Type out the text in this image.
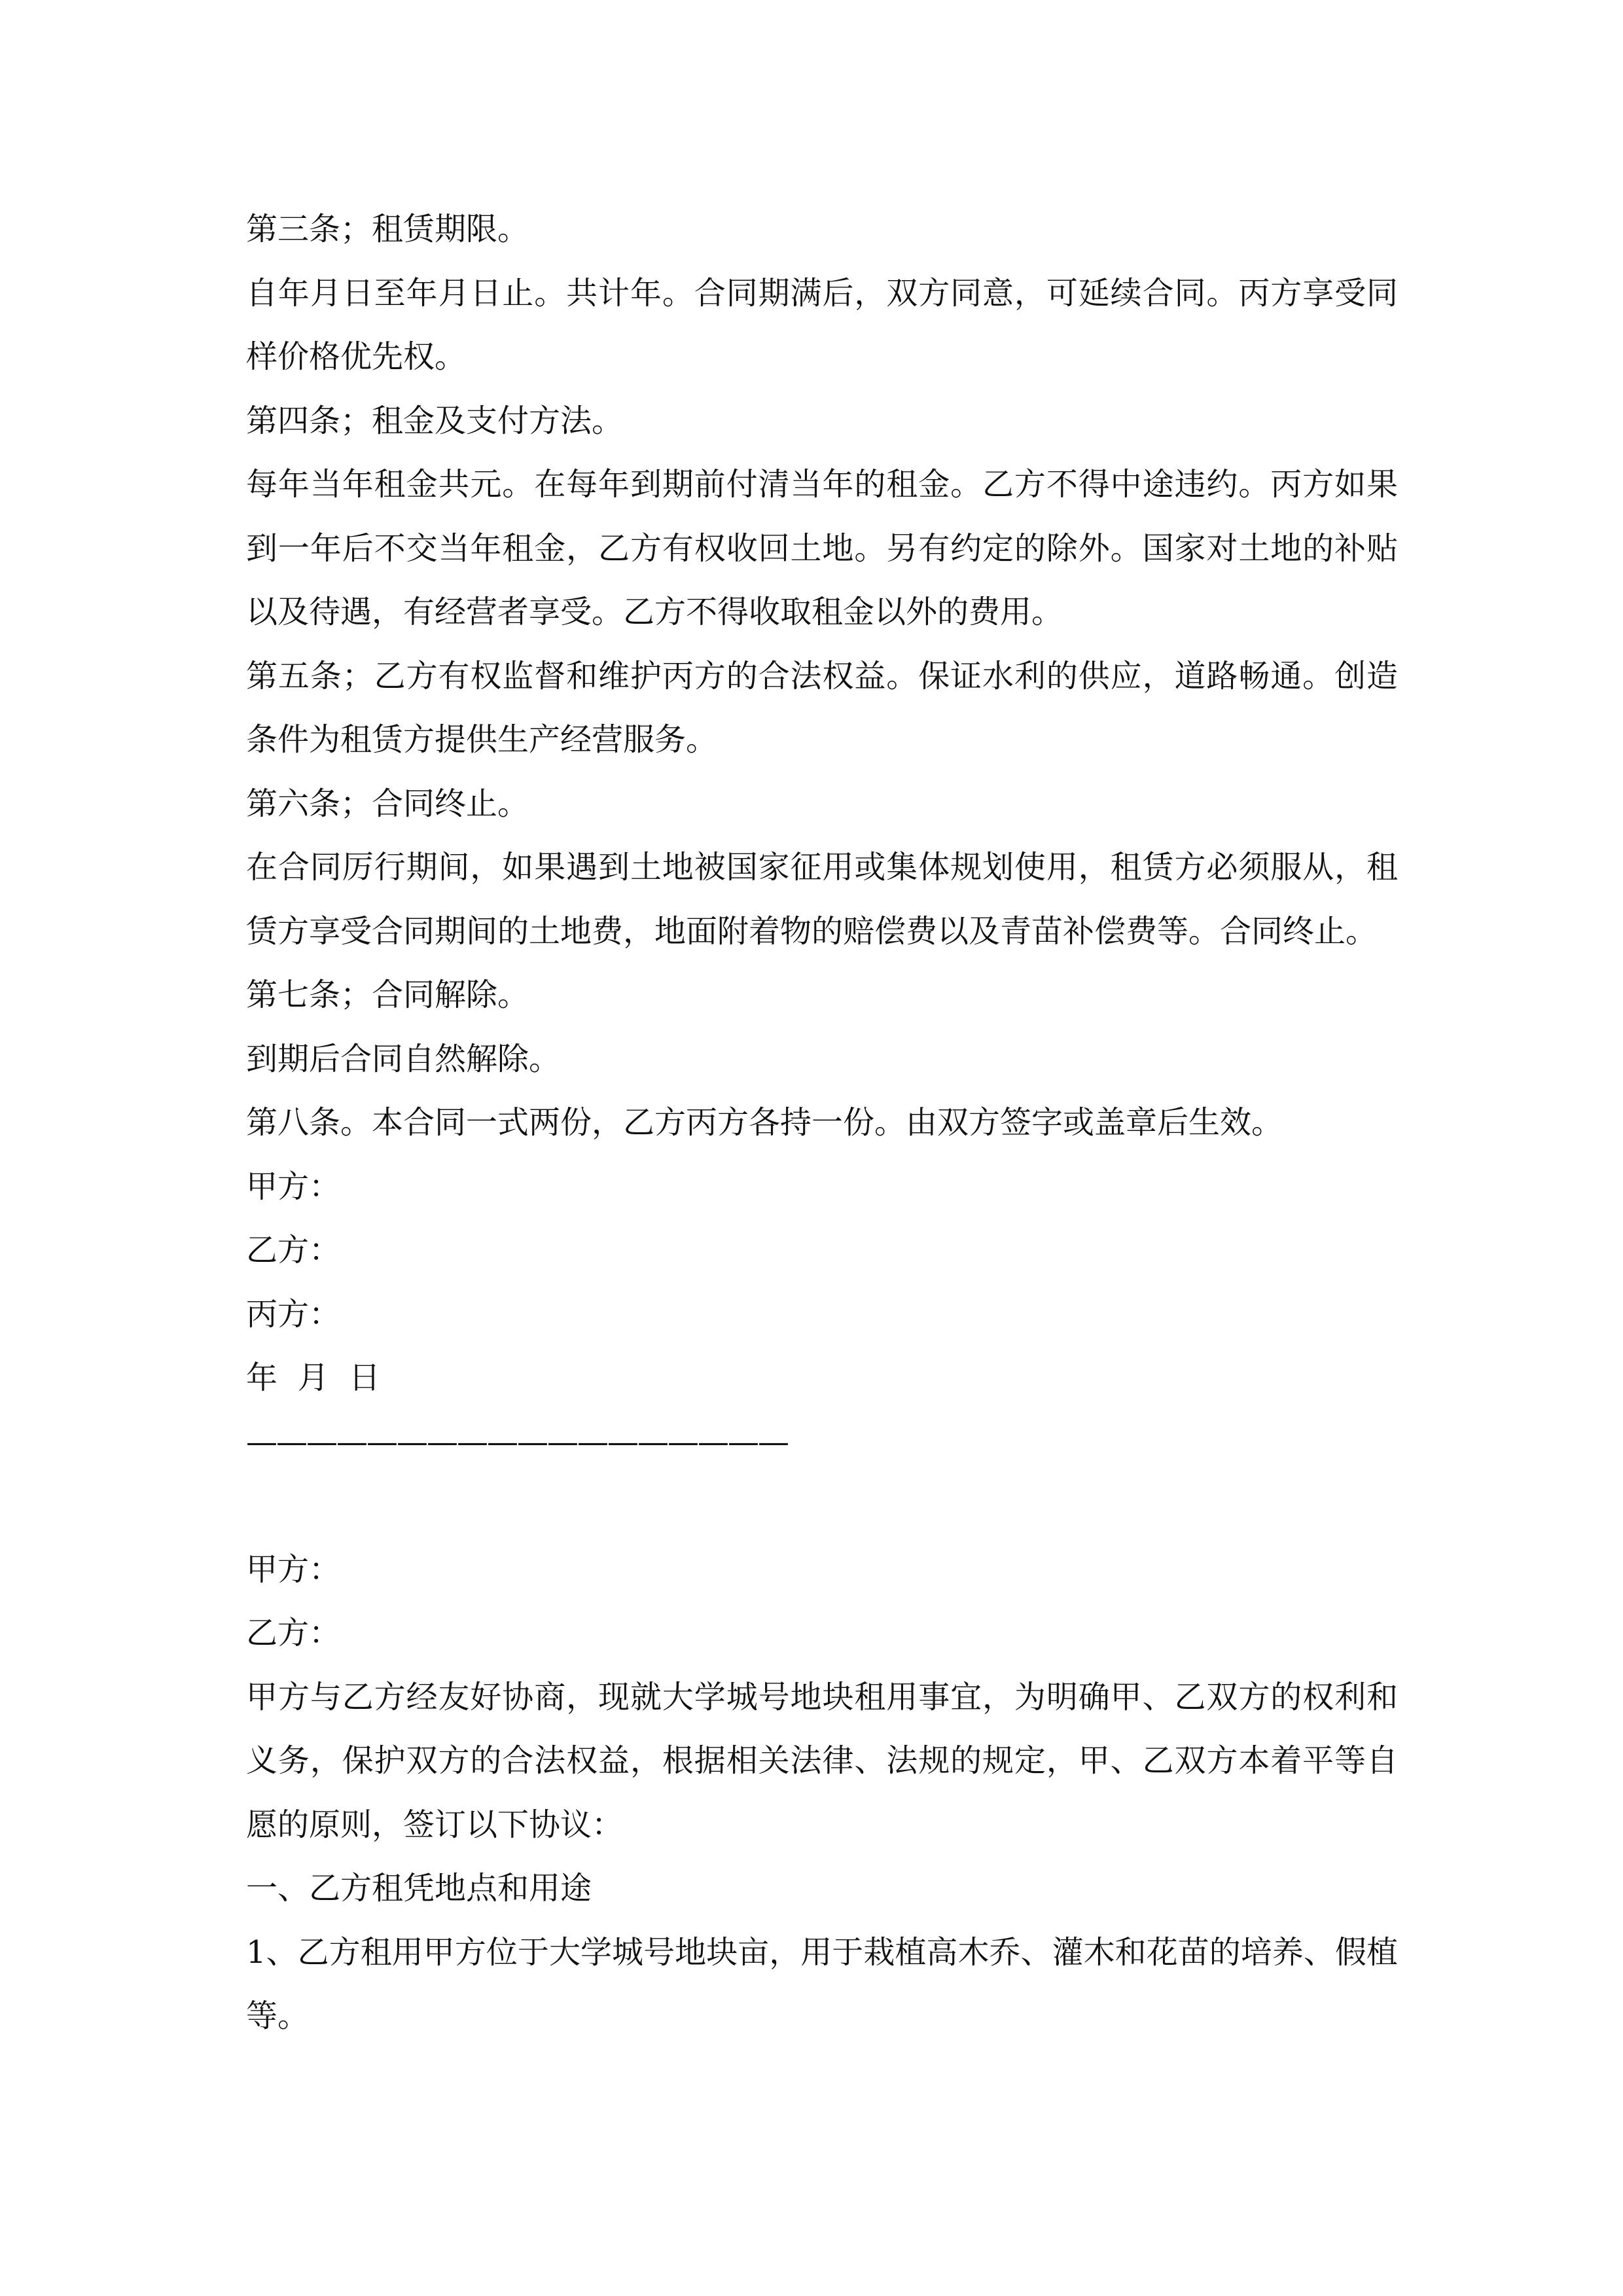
第三条；租赁期限。

自年月日至年月日止。共计年。合同期满后，双方同意，可延续合同。丙方享受同样价格优先权。

第四条；租金及支付方法。

每年当年租金共元。在每年到期前付清当年的租金。乙方不得中途违约。丙方如果到一年后不交当年租金，乙方有权收回土地。另有约定的除外。国家对土地的补贴以及待遇，有经营者享受。乙方不得收取租金以外的费用。

第五条；乙方有权监督和维护丙方的合法权益。保证水利的供应，道路畅通。创造条件为租赁方提供生产经营服务。

第六条；合同终止。

在合同厉行期间，如果遇到土地被国家征用或集体规划使用，租赁方必须服从，租赁方享受合同期间的土地费，地面附着物的赔偿费以及青苗补偿费等。合同终止。

第七条；合同解除。

到期后合同自然解除。

第八条。本合同一式两份，乙方丙方各持一份。由双方签字或盖章后生效。

甲方：

乙方：

丙方：

年  月  日

——————————————————

甲方：

乙方：

甲方与乙方经友好协商，现就大学城号地块租用事宜，为明确甲、乙双方的权利和义务，保护双方的合法权益，根据相关法律、法规的规定，甲、乙双方本着平等自愿的原则，签订以下协议：

一、乙方租凭地点和用途

1、乙方租用甲方位于大学城号地块亩，用于栽植高木乔、灌木和花苗的培养、假植等。
